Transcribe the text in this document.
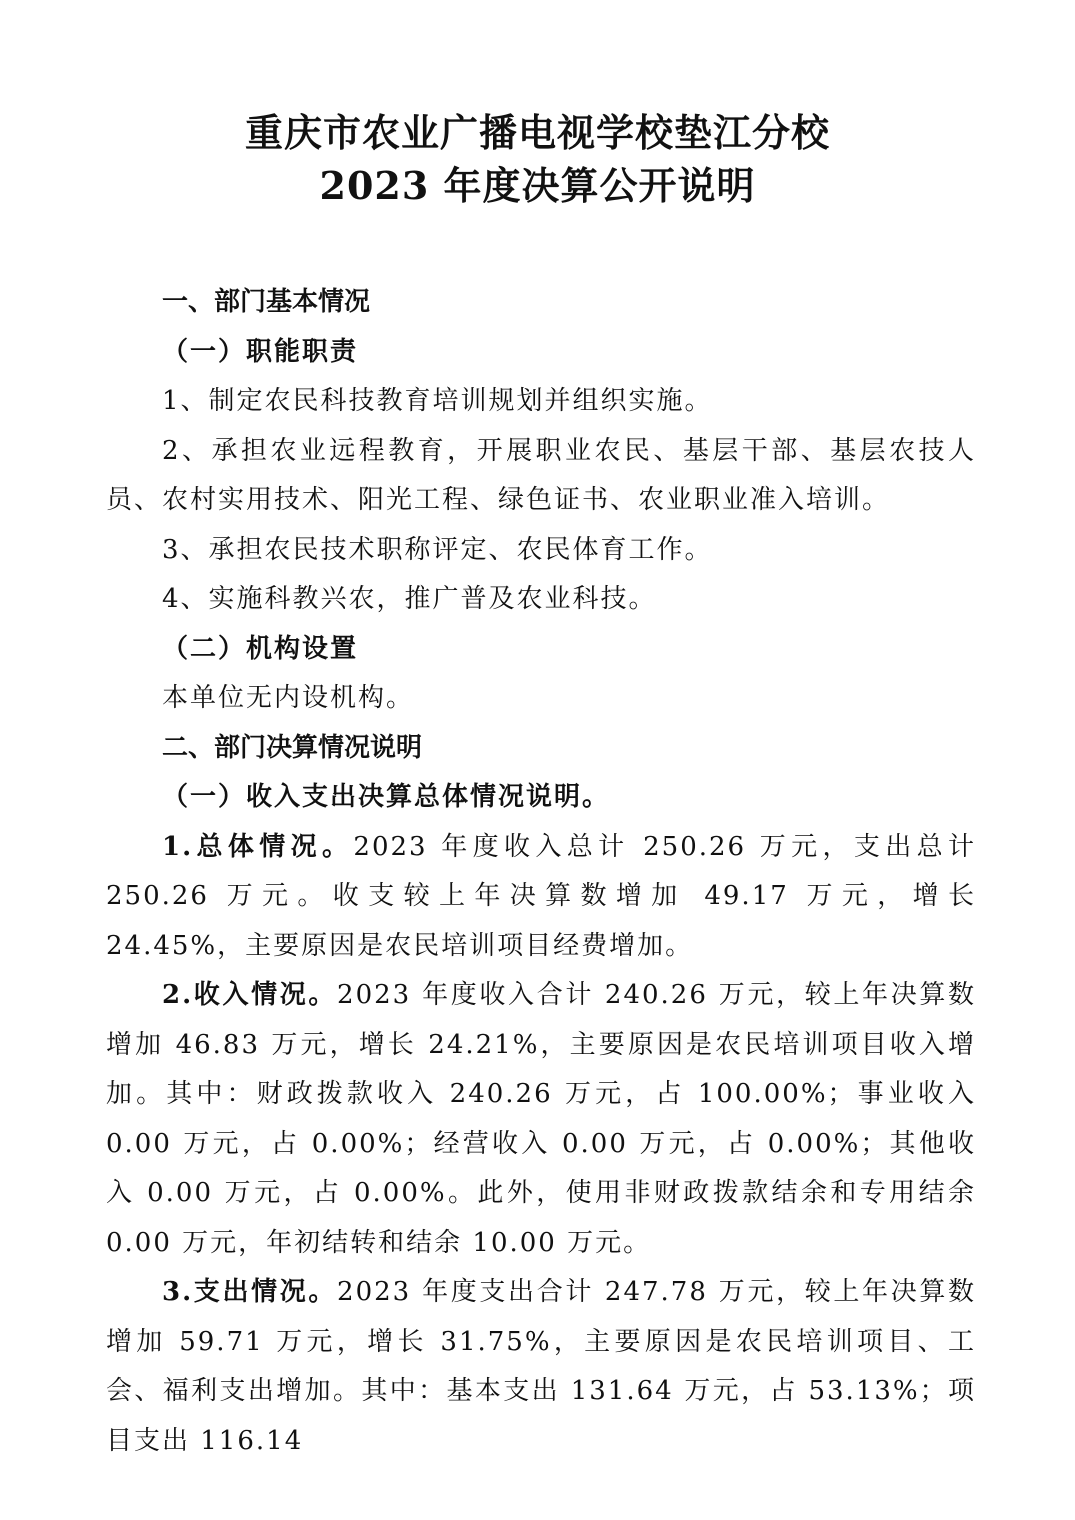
重庆市农业广播电视学校垫江分校
2023 年度决算公开说明

一、部门基本情况

（一）职能职责

1、制定农民科技教育培训规划并组织实施。

2、承担农业远程教育，开展职业农民、基层干部、基层农技人员、农村实用技术、阳光工程、绿色证书、农业职业准入培训。

3、承担农民技术职称评定、农民体育工作。

4、实施科教兴农，推广普及农业科技。

（二）机构设置

本单位无内设机构。

二、部门决算情况说明

（一）收入支出决算总体情况说明。

1.总体情况。2023 年度收入总计 250.26 万元，支出总计 250.26 万元。收支较上年决算数增加 49.17 万元，增长 24.45%，主要原因是农民培训项目经费增加。

2.收入情况。2023 年度收入合计 240.26 万元，较上年决算数增加 46.83 万元，增长 24.21%，主要原因是农民培训项目收入增加。其中：财政拨款收入 240.26 万元，占 100.00%；事业收入 0.00 万元，占 0.00%；经营收入 0.00 万元，占 0.00%；其他收入 0.00 万元，占 0.00%。此外，使用非财政拨款结余和专用结余 0.00 万元，年初结转和结余 10.00 万元。

3.支出情况。2023 年度支出合计 247.78 万元，较上年决算数增加 59.71 万元，增长 31.75%，主要原因是农民培训项目、工会、福利支出增加。其中：基本支出 131.64 万元，占 53.13%；项目支出 116.14
